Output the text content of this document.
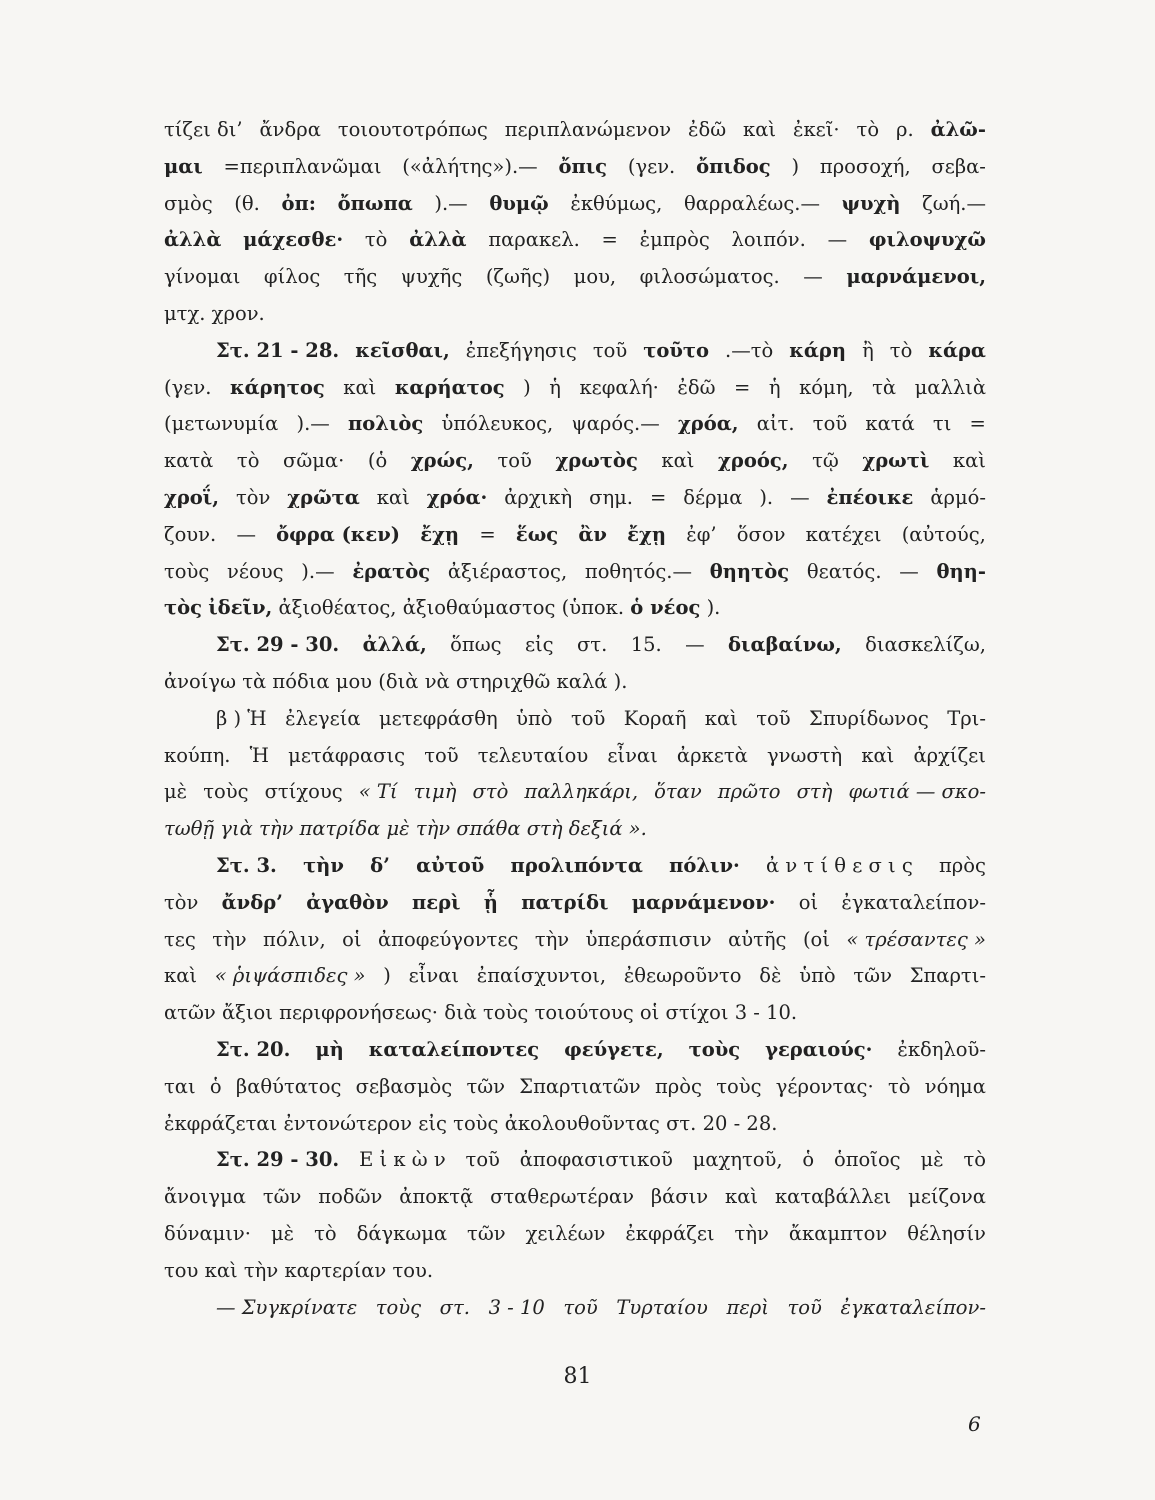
τίζει δι’ ἄνδρα τοιουτοτρόπως περιπλανώμενον ἐδῶ καὶ ἐκεῖ· τὸ ρ. ἀλῶ-
μαι =περιπλανῶμαι («ἀλήτης»).— ὄπις (γεν. ὄπιδος ) προσοχή, σεβα-
σμὸς (θ. ὀπ: ὄπωπα ).— θυμῷ ἐκθύμως, θαρραλέως.— ψυχὴ ζωή.—
ἀλλὰ μάχεσθε· τὸ ἀλλὰ παρακελ. = ἐμπρὸς λοιπόν. — φιλοψυχῶ
γίνομαι φίλος τῆς ψυχῆς (ζωῆς) μου, φιλοσώματος. — μαρνάμενοι,
μτχ. χρον.
Στ. 21 - 28. κεῖσθαι, ἐπεξήγησις τοῦ τοῦτο .—τὸ κάρη ἢ τὸ κάρα
(γεν. κάρητος καὶ καρήατος ) ἡ κεφαλή· ἐδῶ = ἡ κόμη, τὰ μαλλιὰ
(μετωνυμία ).— πολιὸς ὑπόλευκος, ψαρός.— χρόα, αἰτ. τοῦ κατά τι =
κατὰ τὸ σῶμα· (ὁ χρώς, τοῦ χρωτὸς καὶ χροός, τῷ χρωτὶ καὶ
χροΐ, τὸν χρῶτα καὶ χρόα· ἀρχικὴ σημ. = δέρμα ). — ἐπέοικε ἁρμό-
ζουν. — ὄφρα (κεν) ἔχῃ = ἕως ἂν ἔχῃ ἐφ’ ὅσον κατέχει (αὐτούς,
τοὺς νέους ).— ἐρατὸς ἀξιέραστος, ποθητός.— θηητὸς θεατός. — θηη-
τὸς ἰδεῖν, ἀξιοθέατος, ἀξιοθαύμαστος (ὑποκ. ὁ νέος ).
Στ. 29 - 30. ἀλλά, ὅπως εἰς στ. 15. — διαβαίνω, διασκελίζω,
ἀνοίγω τὰ πόδια μου (διὰ νὰ στηριχθῶ καλά ).
β ) Ἡ ἐλεγεία μετεφράσθη ὑπὸ τοῦ Κοραῆ καὶ τοῦ Σπυρίδωνος Τρι-
κούπη. Ἡ μετάφρασις τοῦ τελευταίου εἶναι ἀρκετὰ γνωστὴ καὶ ἀρχίζει
μὲ τοὺς στίχους « Τί τιμὴ στὸ παλληκάρι, ὅταν πρῶτο στὴ φωτιά — σκο-
τωθῇ γιὰ τὴν πατρίδα μὲ τὴν σπάθα στὴ δεξιά ».
Στ. 3. τὴν δ’ αὐτοῦ προλιπόντα πόλιν· ἀ ν τ ί θ ε σ ι ς πρὸς
τὸν ἄνδρ’ ἀγαθὸν περὶ ᾗ πατρίδι μαρνάμενον· οἱ ἐγκαταλείπον-
τες τὴν πόλιν, οἱ ἀποφεύγοντες τὴν ὑπεράσπισιν αὐτῆς (οἱ « τρέσαντες »
καὶ « ῥιψάσπιδες » ) εἶναι ἐπαίσχυντοι, ἐθεωροῦντο δὲ ὑπὸ τῶν Σπαρτι-
ατῶν ἄξιοι περιφρονήσεως· διὰ τοὺς τοιούτους οἱ στίχοι 3 - 10.
Στ. 20. μὴ καταλείποντες φεύγετε, τοὺς γεραιούς· ἐκδηλοῦ-
ται ὁ βαθύτατος σεβασμὸς τῶν Σπαρτιατῶν πρὸς τοὺς γέροντας· τὸ νόημα
ἐκφράζεται ἐντονώτερον εἰς τοὺς ἀκολουθοῦντας στ. 20 - 28.
Στ. 29 - 30. Ε ἰ κ ὼ ν τοῦ ἀποφασιστικοῦ μαχητοῦ, ὁ ὁποῖος μὲ τὸ
ἄνοιγμα τῶν ποδῶν ἀποκτᾷ σταθερωτέραν βάσιν καὶ καταβάλλει μείζονα
δύναμιν· μὲ τὸ δάγκωμα τῶν χειλέων ἐκφράζει τὴν ἄκαμπτον θέλησίν
του καὶ τὴν καρτερίαν του.
— Συγκρίνατε τοὺς στ. 3 - 10 τοῦ Τυρταίου περὶ τοῦ ἐγκαταλείπον-
81
6
